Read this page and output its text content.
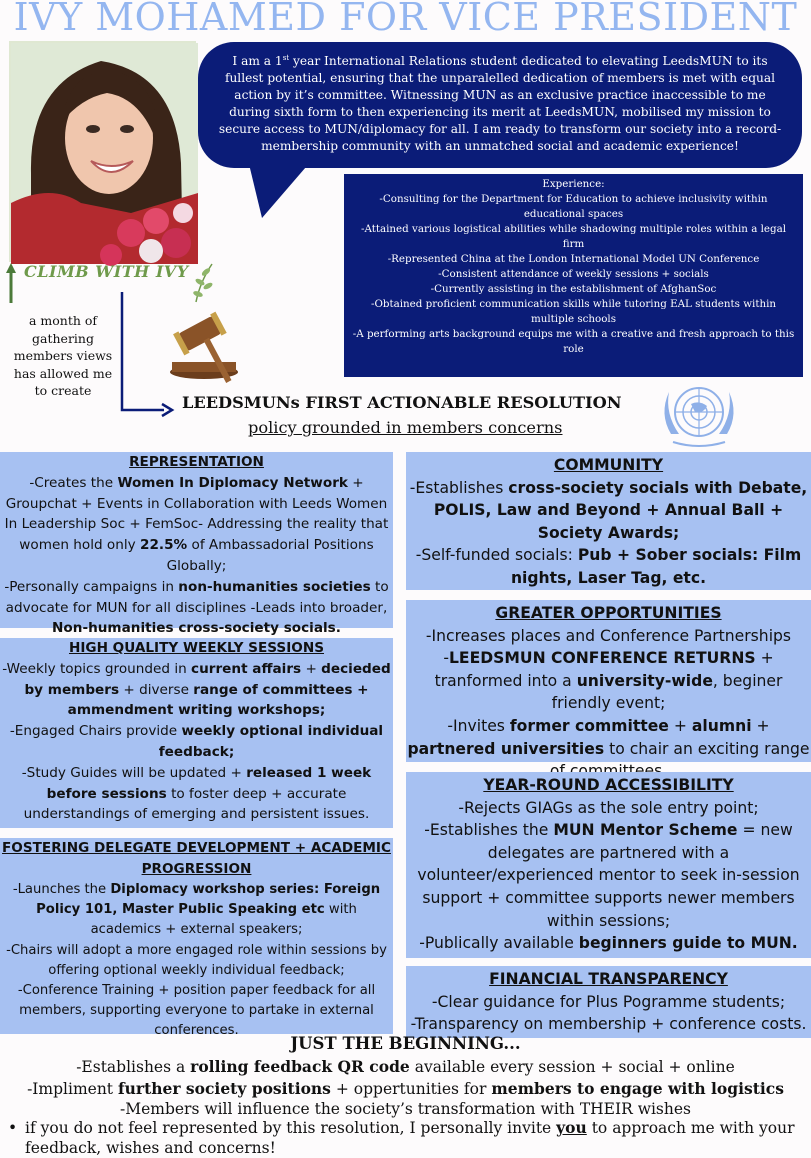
IVY MOHAMED FOR VICE PRESIDENT
I am a 1st year International Relations student dedicated to elevating LeedsMUN to its fullest potential, ensuring that the unparalelled dedication of members is met with equal action by it’s committee. Witnessing MUN as an exclusive practice inaccessible to me during sixth form to then experiencing its merit at LeedsMUN, mobilised my mission to secure access to MUN/diplomacy for all. I am ready to transform our society into a record-membership community with an unmatched social and academic experience!
Experience:
-Consulting for the Department for Education to achieve inclusivity within educational spaces
-Attained various logistical abilities while shadowing multiple roles within a legal firm
-Represented China at the London International Model UN Conference
-Consistent attendance of weekly sessions + socials
-Currently assisting in the establishment of AfghanSoc
-Obtained proficient communication skills while tutoring EAL students within multiple schools
-A performing arts background equips me with a creative and fresh approach to this role
CLIMB WITH IVY
a month of gathering members views has allowed me to create
LEEDSMUNs FIRST ACTIONABLE RESOLUTION
policy grounded in members concerns
REPRESENTATION
-Creates the Women In Diplomacy Network + Groupchat + Events in Collaboration with Leeds Women In Leadership Soc + FemSoc- Addressing the reality that women hold only 22.5% of Ambassadorial Positions Globally;
-Personally campaigns in non-humanities societies to advocate for MUN for all disciplines -Leads into broader, Non-humanities cross-society socials.
HIGH QUALITY WEEKLY SESSIONS
-Weekly topics grounded in current affairs + decieded by members + diverse range of committees + ammendment writing workshops;
-Engaged Chairs provide weekly optional individual feedback;
-Study Guides will be updated + released 1 week before sessions to foster deep + accurate understandings of emerging and persistent issues.
FOSTERING DELEGATE DEVELOPMENT + ACADEMIC PROGRESSION
-Launches the Diplomacy workshop series: Foreign Policy 101, Master Public Speaking etc with academics + external speakers;
-Chairs will adopt a more engaged role within sessions by offering optional weekly individual feedback;
-Conference Training + position paper feedback for all members, supporting everyone to partake in external conferences.
COMMUNITY
-Establishes cross-society socials with Debate, POLIS, Law and Beyond + Annual Ball + Society Awards;
-Self-funded socials: Pub + Sober socials: Film nights, Laser Tag, etc.
GREATER OPPORTUNITIES
-Increases places and Conference Partnerships
-LEEDSMUN CONFERENCE RETURNS + tranformed into a university-wide, beginer friendly event;
-Invites former committee + alumni + partnered universities to chair an exciting range
YEAR-ROUND ACCESSIBILITY
-Rejects GIAGs as the sole entry point;
-Establishes the MUN Mentor Scheme = new delegates are partnered with a volunteer/experienced mentor to seek in-session support + committee supports newer members within sessions;
-Publically available beginners guide to MUN.
FINANCIAL TRANSPARENCY
-Clear guidance for Plus Pogramme students;
-Transparency on membership + conference costs.
JUST THE BEGINNING...
-Establishes a rolling feedback QR code available every session + social + online
-Impliment further society positions + oppertunities for members to engage with logistics
-Members will influence the society’s transformation with THEIR wishes
• if you do not feel represented by this resolution, I personally invite you to approach me with your feedback, wishes and concerns!
